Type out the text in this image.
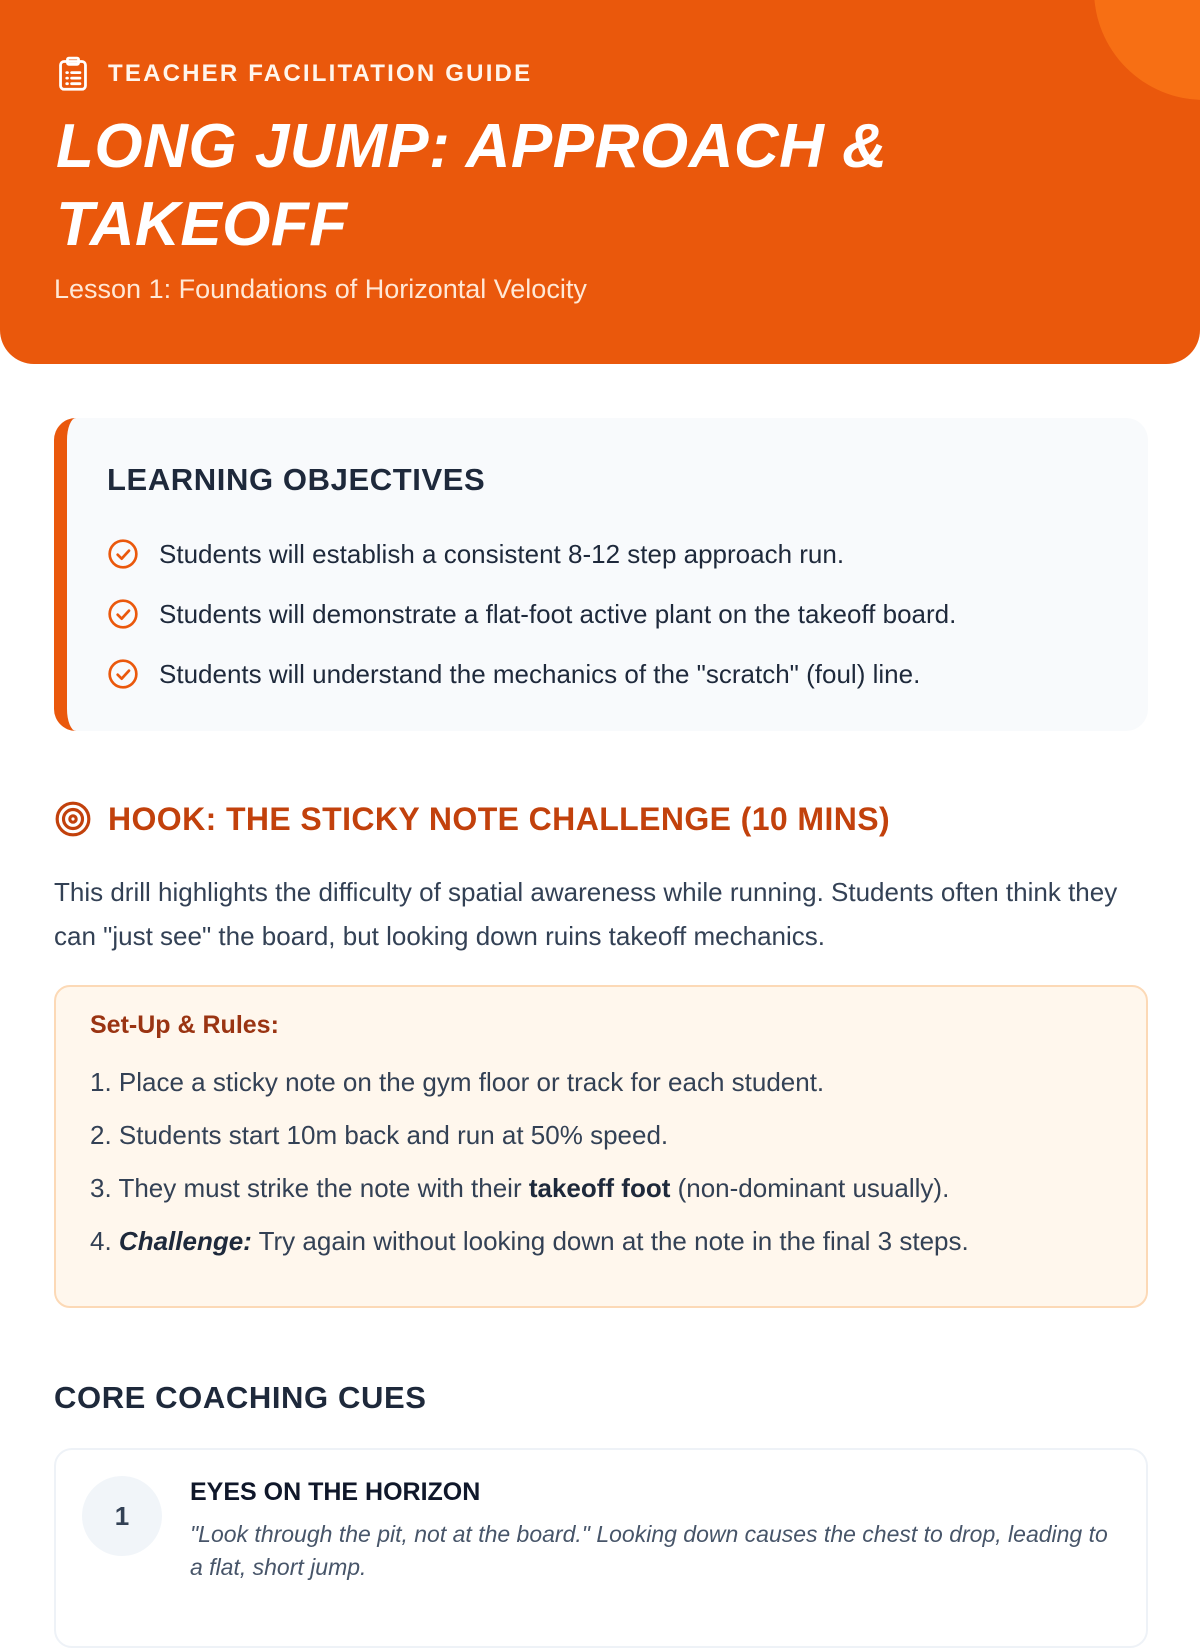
TEACHER FACILITATION GUIDE
LONG JUMP: APPROACH & TAKEOFF
Lesson 1: Foundations of Horizontal Velocity
LEARNING OBJECTIVES
Students will establish a consistent 8-12 step approach run.
Students will demonstrate a flat-foot active plant on the takeoff board.
Students will understand the mechanics of the "scratch" (foul) line.
HOOK: THE STICKY NOTE CHALLENGE (10 MINS)

This drill highlights the difficulty of spatial awareness while running. Students often think they can "just see" the board, but looking down ruins takeoff mechanics.

Set-Up & Rules:
1. Place a sticky note on the gym floor or track for each student.
2. Students start 10m back and run at 50% speed.
3. They must strike the note with their takeoff foot (non-dominant usually).
4. Challenge: Try again without looking down at the note in the final 3 steps.
CORE COACHING CUES
1
EYES ON THE HORIZON

"Look through the pit, not at the board." Looking down causes the chest to drop, leading to a flat, short jump.
